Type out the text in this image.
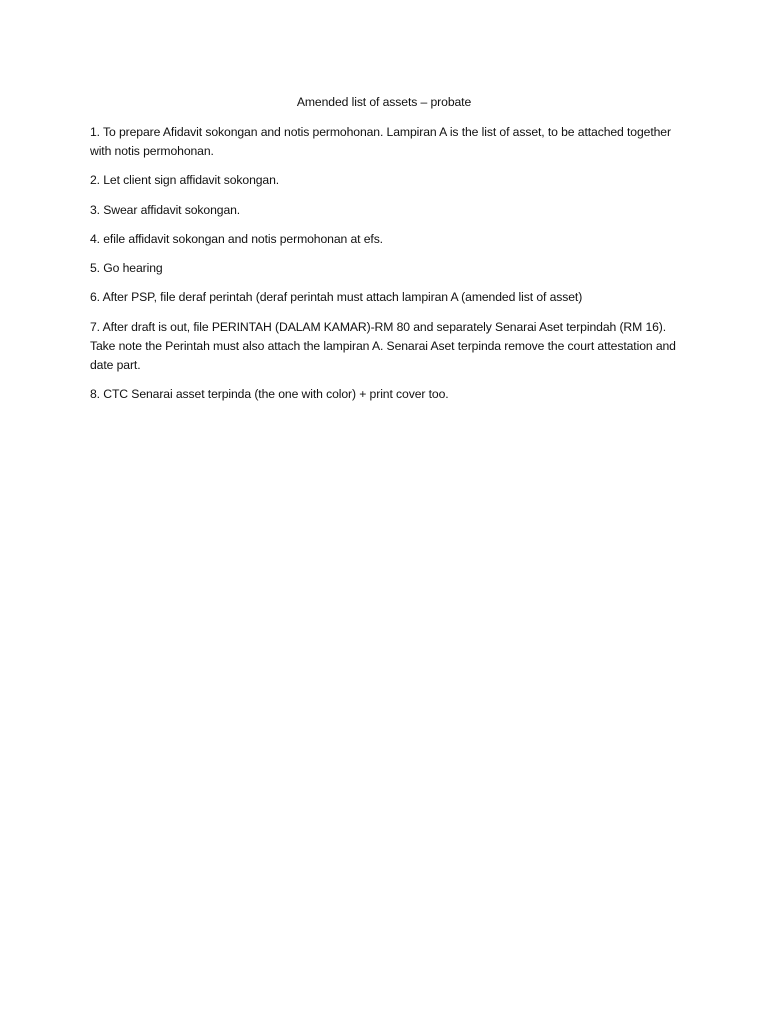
Amended list of assets – probate
1. To prepare Afidavit sokongan and notis permohonan. Lampiran A is the list of asset, to be attached together with notis permohonan.
2. Let client sign affidavit sokongan.
3. Swear affidavit sokongan.
4. efile affidavit sokongan and notis permohonan at efs.
5. Go hearing
6. After PSP, file deraf perintah (deraf perintah must attach lampiran A (amended list of asset)
7. After draft is out, file PERINTAH (DALAM KAMAR)-RM 80 and separately Senarai Aset terpindah (RM 16). Take note the Perintah must also attach the lampiran A. Senarai Aset terpinda remove the court attestation and date part.
8. CTC Senarai asset terpinda (the one with color) + print cover too.
